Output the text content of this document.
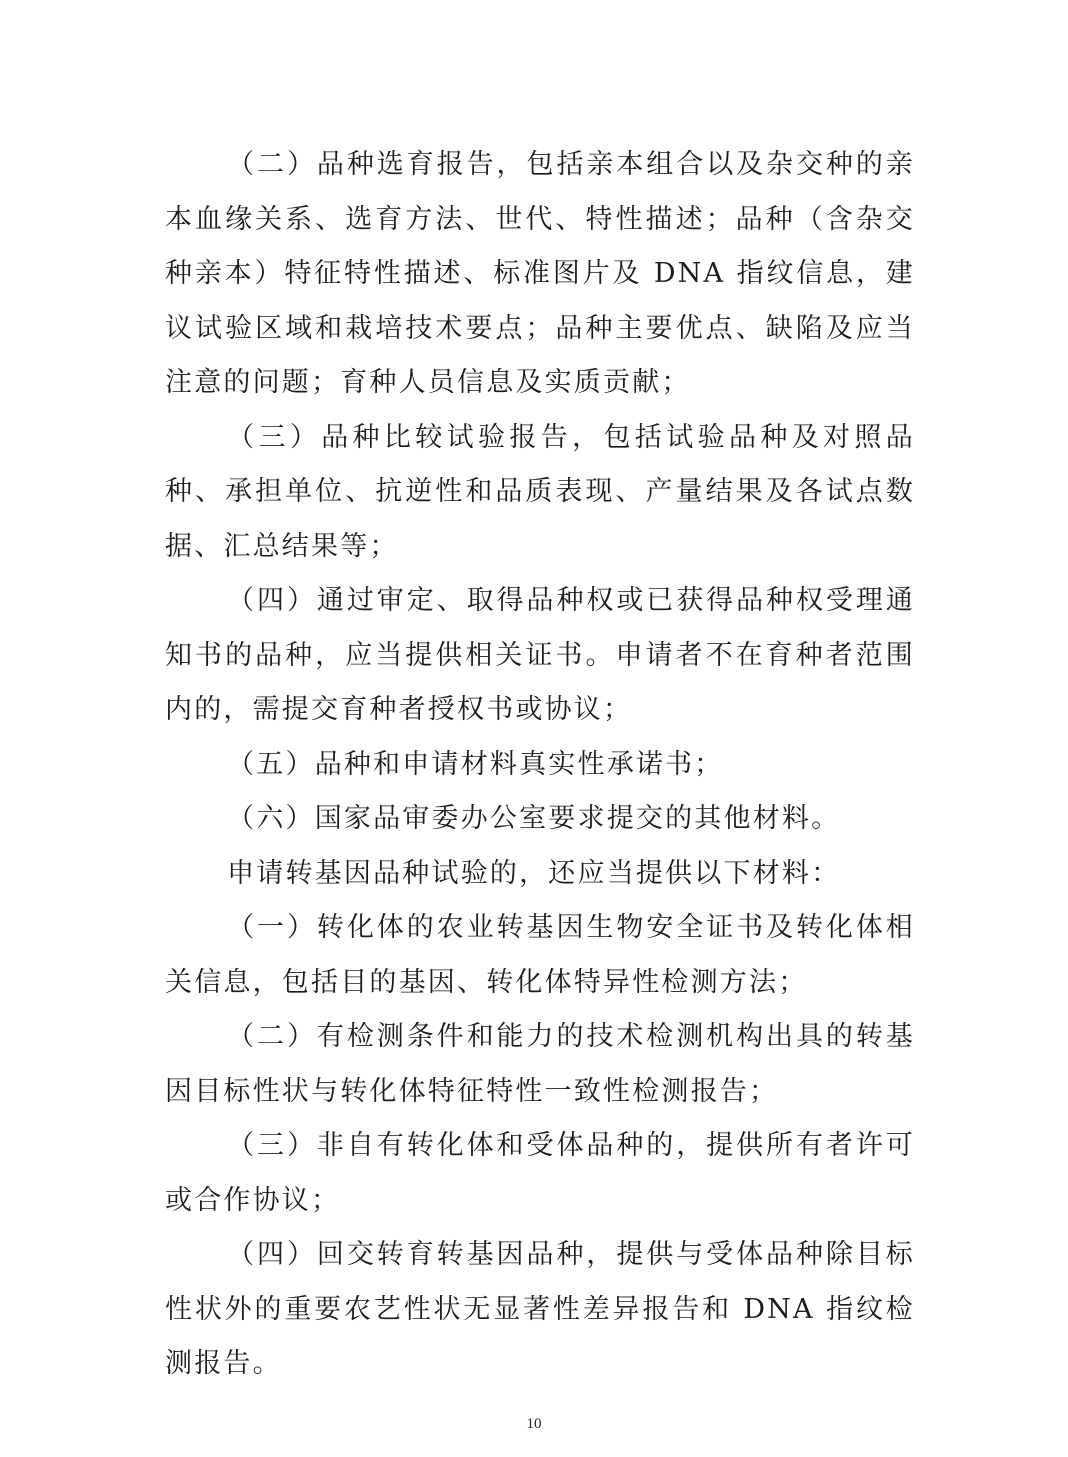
（二）品种选育报告，包括亲本组合以及杂交种的亲本血缘关系、选育方法、世代、特性描述；品种（含杂交种亲本）特征特性描述、标准图片及 DNA 指纹信息，建议试验区域和栽培技术要点；品种主要优点、缺陷及应当注意的问题；育种人员信息及实质贡献；

（三）品种比较试验报告，包括试验品种及对照品种、承担单位、抗逆性和品质表现、产量结果及各试点数据、汇总结果等；

（四）通过审定、取得品种权或已获得品种权受理通知书的品种，应当提供相关证书。申请者不在育种者范围内的，需提交育种者授权书或协议；

（五）品种和申请材料真实性承诺书；

（六）国家品审委办公室要求提交的其他材料。

申请转基因品种试验的，还应当提供以下材料：

（一）转化体的农业转基因生物安全证书及转化体相关信息，包括目的基因、转化体特异性检测方法；

（二）有检测条件和能力的技术检测机构出具的转基因目标性状与转化体特征特性一致性检测报告；

（三）非自有转化体和受体品种的，提供所有者许可或合作协议；

（四）回交转育转基因品种，提供与受体品种除目标性状外的重要农艺性状无显著性差异报告和 DNA 指纹检测报告。

10
